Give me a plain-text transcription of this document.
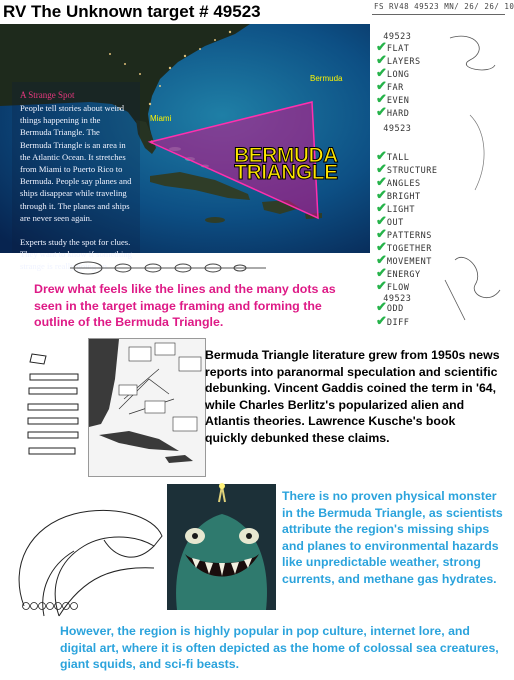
RV The Unknown target # 49523
A Strange Spot
People tell stories about weird things happening in the Bermuda Triangle. The Bermuda Triangle is an area in the Atlantic Ocean. It stretches from Miami to Puerto Rico to Bermuda. People say planes and ships disappear while traveling through it. The planes and ships are never seen again.
Experts study the spot for clues. They want to know if something strange is really going on.
Miami
Bermuda
BERMUDA
TRIANGLE
FS RV48 49523 MN/ 26/ 26/ 10
49523
✔FLAT
✔LAYERS
✔LONG
✔FAR
✔EVEN
✔HARD
49523
✔TALL
✔STRUCTURE
✔ANGLES
✔BRIGHT
✔LIGHT
✔OUT
✔PATTERNS
✔TOGETHER
✔MOVEMENT
✔ENERGY
✔FLOW
49523
✔ODD
✔DIFF
Drew what feels like the lines and the many dots as seen in the target image framing and forming the outline of the Bermuda Triangle.
Bermuda Triangle literature grew from 1950s news reports into paranormal speculation and scientific debunking. Vincent Gaddis coined the term in '64, while Charles Berlitz's popularized alien and Atlantis theories. Lawrence Kusche's book quickly debunked these claims.
There is no proven physical monster in the Bermuda Triangle, as scientists attribute the region's missing ships and planes to environmental hazards like unpredictable weather, strong currents, and methane gas hydrates.
However, the region is highly popular in pop culture, internet lore, and digital art, where it is often depicted as the home of colossal sea creatures, giant squids, and sci-fi beasts.
